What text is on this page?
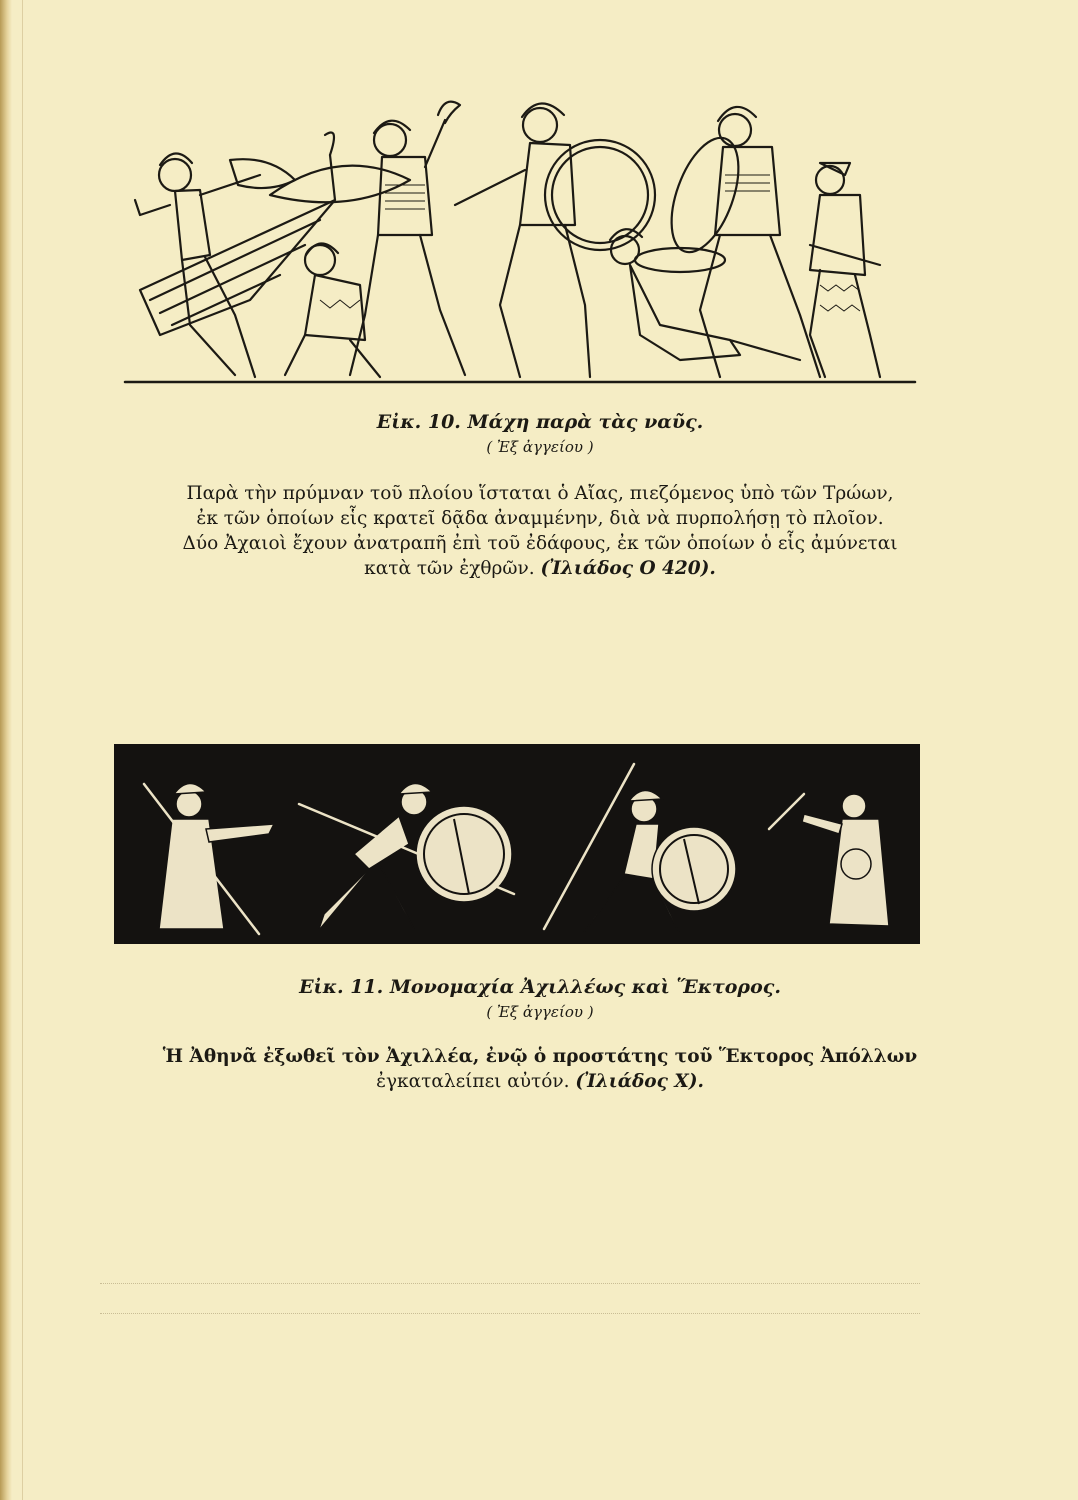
Εἰκ. 10. Μάχη παρὰ τὰς ναῦς.
( Ἐξ ἀγγείου )
Παρὰ τὴν πρύμναν τοῦ πλοίου ἵσταται ὁ Αἴας, πιεζόμενος ὑπὸ τῶν Τρώων,
ἐκ τῶν ὁποίων εἷς κρατεῖ δᾷδα ἀναμμένην, διὰ νὰ πυρπολήσῃ τὸ πλοῖον.
Δύο Ἀχαιοὶ ἔχουν ἀνατραπῆ ἐπὶ τοῦ ἐδάφους, ἐκ τῶν ὁποίων ὁ εἷς ἀμύνεται
κατὰ τῶν ἐχθρῶν. (Ἰλιάδος Ο 420).
Εἰκ. 11. Μονομαχία Ἀχιλλέως καὶ Ἕκτορος.
( Ἐξ ἀγγείου )
Ἡ Ἀθηνᾶ ἐξωθεῖ τὸν Ἀχιλλέα, ἐνῷ ὁ προστάτης τοῦ Ἕκτορος Ἀπόλλων
ἐγκαταλείπει αὐτόν. (Ἰλιάδος Χ).
